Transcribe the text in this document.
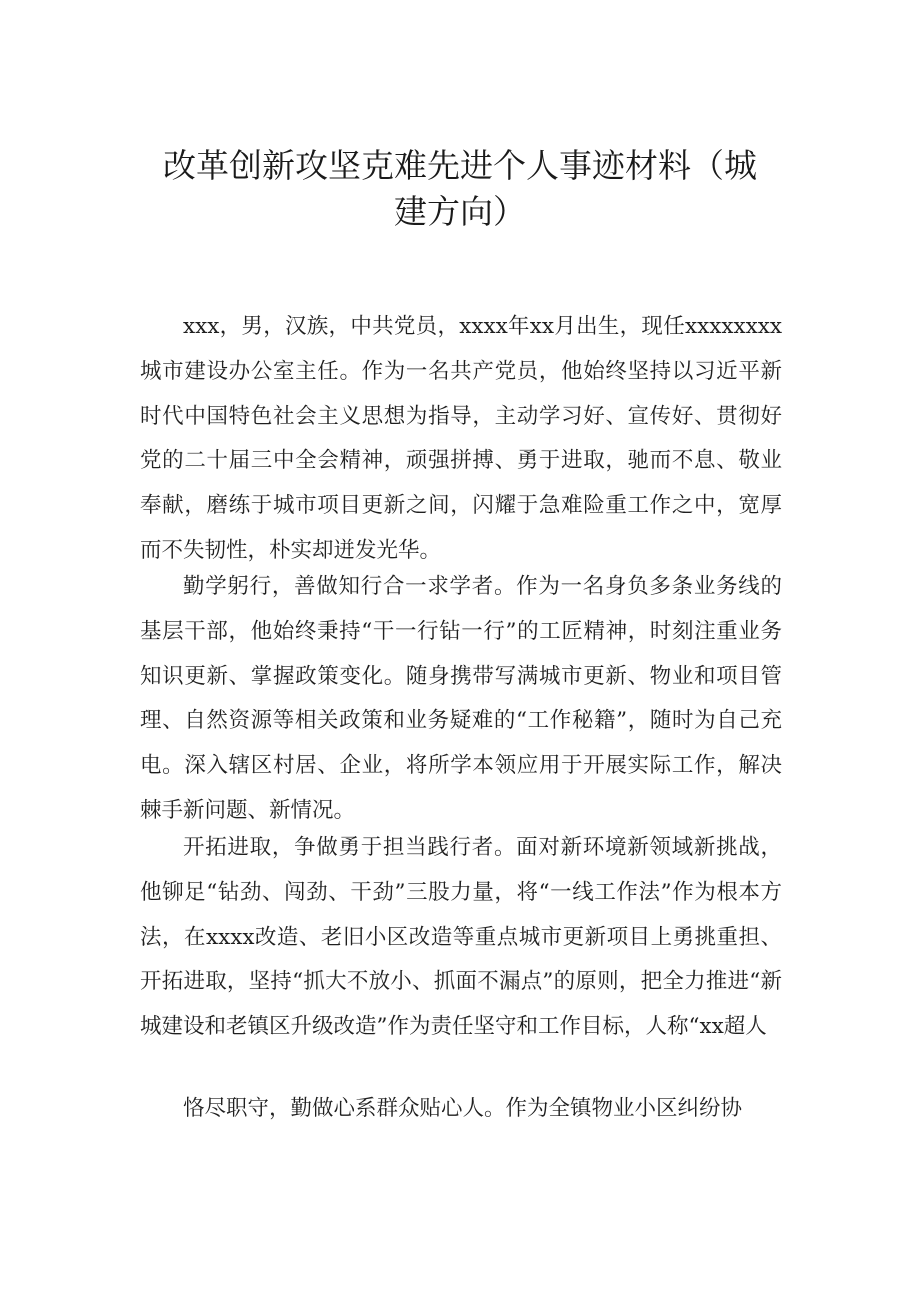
改革创新攻坚克难先进个人事迹材料（城
建方向）

xxx，男，汉族，中共党员，xxxx年xx月出生，现任xxxxxxxx城市建设办公室主任。作为一名共产党员，他始终坚持以习近平新时代中国特色社会主义思想为指导，主动学习好、宣传好、贯彻好党的二十届三中全会精神，顽强拼搏、勇于进取，驰而不息、敬业奉献，磨练于城市项目更新之间，闪耀于急难险重工作之中，宽厚而不失韧性，朴实却迸发光华。

勤学躬行，善做知行合一求学者。作为一名身负多条业务线的基层干部，他始终秉持“干一行钻一行”的工匠精神，时刻注重业务知识更新、掌握政策变化。随身携带写满城市更新、物业和项目管理、自然资源等相关政策和业务疑难的“工作秘籍”，随时为自己充电。深入辖区村居、企业，将所学本领应用于开展实际工作，解决棘手新问题、新情况。

开拓进取，争做勇于担当践行者。面对新环境新领域新挑战，他铆足“钻劲、闯劲、干劲”三股力量，将“一线工作法”作为根本方法，在xxxx改造、老旧小区改造等重点城市更新项目上勇挑重担、开拓进取，坚持“抓大不放小、抓面不漏点”的原则，把全力推进“新城建设和老镇区升级改造”作为责任坚守和工作目标，人称“xx超人

恪尽职守，勤做心系群众贴心人。作为全镇物业小区纠纷协
